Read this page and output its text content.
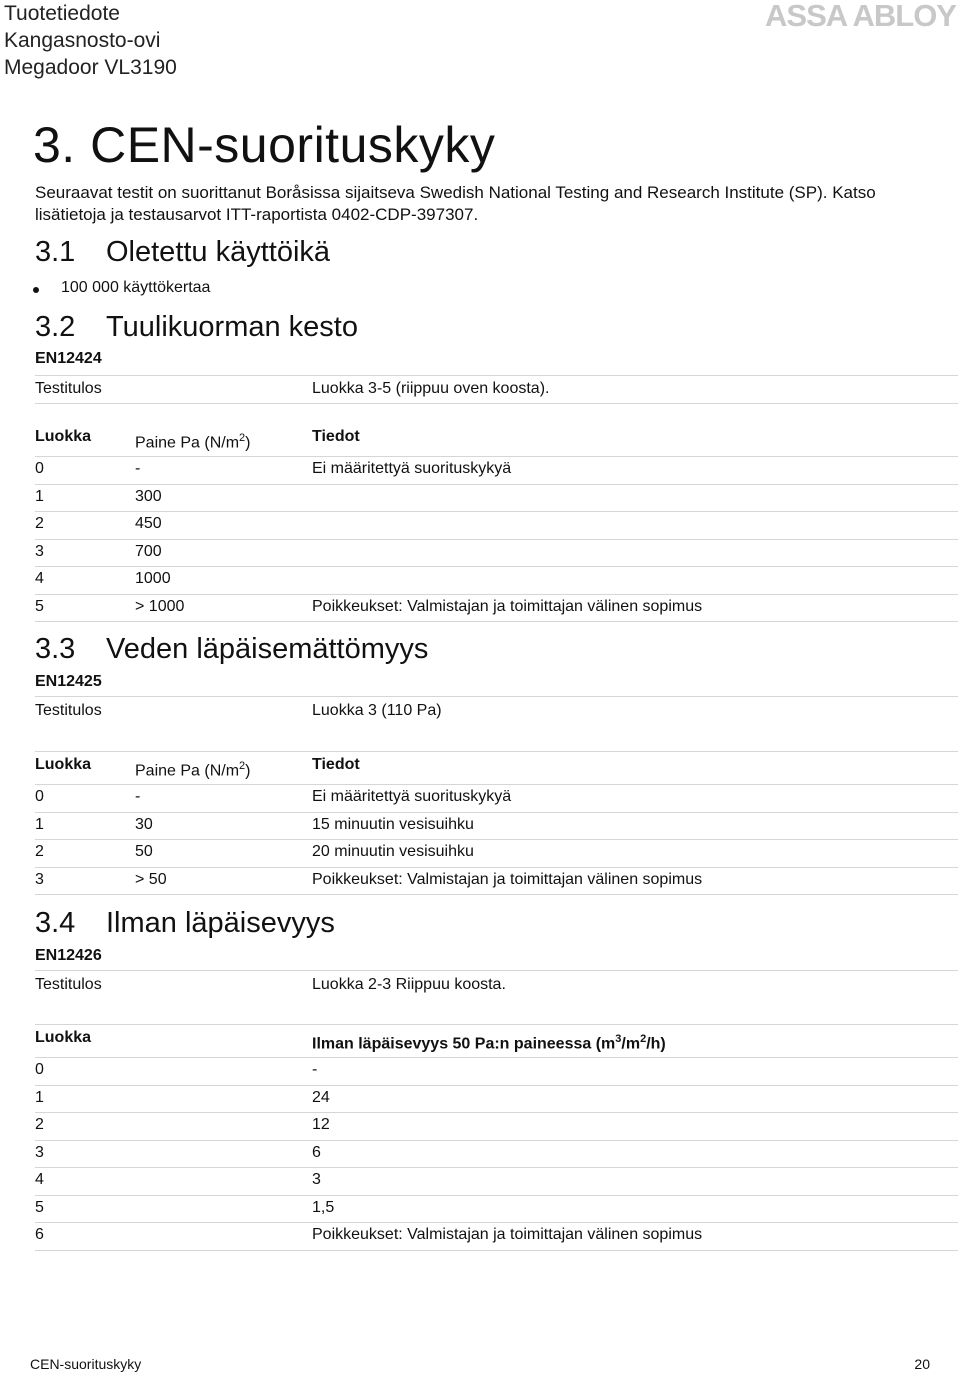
Tuotetiedote
Kangasnosto-ovi
Megadoor VL3190
ASSA ABLOY
3. CEN-suorituskyky
Seuraavat testit on suorittanut Boråsissa sijaitseva Swedish National Testing and Research Institute (SP). Katso lisätietoja ja testausarvot ITT-raportista 0402-CDP-397307.
3.1 Oletettu käyttöikä
100 000 käyttökertaa
3.2 Tuulikuorman kesto
EN12424
Testitulos	Luokka 3-5 (riippuu oven koosta).
Luokka	Paine Pa $(N/m^2)$	Tiedot
0	-	Ei määritettyä suorituskykyä
1	300
2	450
3	700
4	1000
5	> 1000	Poikkeukset: Valmistajan ja toimittajan välinen sopimus
3.3 Veden läpäisemättömyys
EN12425
Testitulos	Luokka 3 (110 Pa)
Luokka	Paine Pa $(N/m^2)$	Tiedot
0	-	Ei määritettyä suorituskykyä
1	30	15 minuutin vesisuihku
2	50	20 minuutin vesisuihku
3	> 50	Poikkeukset: Valmistajan ja toimittajan välinen sopimus
3.4 Ilman läpäisevyys
EN12426
Testitulos	Luokka 2-3 Riippuu koosta.
Luokka	Ilman läpäisevyys 50 Pa:n paineessa $(m^3/m^2/h)$
0	-
1	24
2	12
3	6
4	3
5	1,5
6	Poikkeukset: Valmistajan ja toimittajan välinen sopimus
CEN-suorituskyky	20
